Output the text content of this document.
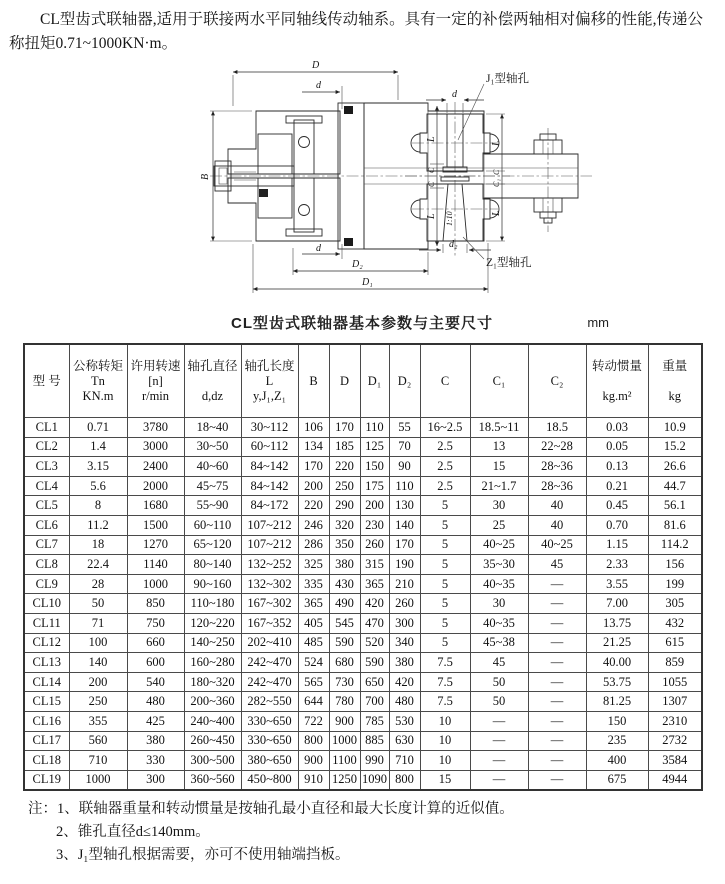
CL型齿式联轴器,适用于联接两水平同轴线传动轴系。具有一定的补偿两轴相对偏移的性能,传递公称扭矩0.71~1000KN·m。
D
d
B
L
C
C
L
d
D₂
D₁
1:10
d
L
C
C₁
L
d₂
J₁型轴孔
Z₁型轴孔
CL型齿式联轴器基本参数与主要尺寸	mm
型 号

公称转矩
Tn
KN.m

许用转速
[n]
r/min

轴孔直径

d,dz

轴孔长度
L
y,J₁,Z₁

B	D	D₁	D₂	C	C₁	C₂

转动惯量

kg.m²

重量

kg

CL1	0.71	3780	18~40	30~112	106	170	110	55	16~2.5	18.5~11	18.5	0.03	10.9
CL2	1.4	3000	30~50	60~112	134	185	125	70	2.5	13	22~28	0.05	15.2
CL3	3.15	2400	40~60	84~142	170	220	150	90	2.5	15	28~36	0.13	26.6
CL4	5.6	2000	45~75	84~142	200	250	175	110	2.5	21~1.7	28~36	0.21	44.7
CL5	8	1680	55~90	84~172	220	290	200	130	5	30	40	0.45	56.1
CL6	11.2	1500	60~110	107~212	246	320	230	140	5	25	40	0.70	81.6
CL7	18	1270	65~120	107~212	286	350	260	170	5	40~25	40~25	1.15	114.2
CL8	22.4	1140	80~140	132~252	325	380	315	190	5	35~30	45	2.33	156
CL9	28	1000	90~160	132~302	335	430	365	210	5	40~35	—	3.55	199
CL10	50	850	110~180	167~302	365	490	420	260	5	30	—	7.00	305
CL11	71	750	120~220	167~352	405	545	470	300	5	40~35	—	13.75	432
CL12	100	660	140~250	202~410	485	590	520	340	5	45~38	—	21.25	615
CL13	140	600	160~280	242~470	524	680	590	380	7.5	45	—	40.00	859
CL14	200	540	180~320	242~470	565	730	650	420	7.5	50	—	53.75	1055
CL15	250	480	200~360	282~550	644	780	700	480	7.5	50	—	81.25	1307
CL16	355	425	240~400	330~650	722	900	785	530	10	—	—	150	2310
CL17	560	380	260~450	330~650	800	1000	885	630	10	—	—	235	2732
CL18	710	330	300~500	380~650	900	1100	990	710	10	—	—	400	3584
CL19	1000	300	360~560	450~800	910	1250	1090	800	15	—	—	675	4944
注：1、联轴器重量和转动惯量是按轴孔最小直径和最大长度计算的近似值。
2、锥孔直径d≤140mm。
3、J₁型轴孔根据需要，亦可不使用轴端挡板。
